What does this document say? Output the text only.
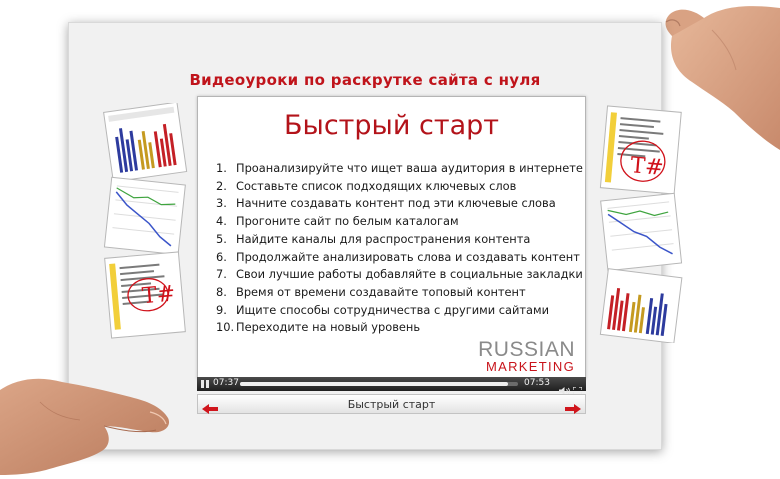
Видеоуроки по раскрутке сайта с нуля
Т#
Т#
Быстрый старт
1. Проанализируйте что ищет ваша аудитория в интернете
2. Составьте список подходящих ключевых слов
3. Начните создавать контент под эти ключевые слова
4. Прогоните сайт по белым каталогам
5. Найдите каналы для распространения контента
6. Продолжайте анализировать слова и создавать контент
7. Свои лучшие работы добавляйте в социальные закладки
8. Время от времени создавайте топовый контент
9. Ищите способы сотрудничества с другими сайтами
10. Переходите на новый уровень
RUSSIAN
MARKETING
07:37	07:53
Быстрый старт
